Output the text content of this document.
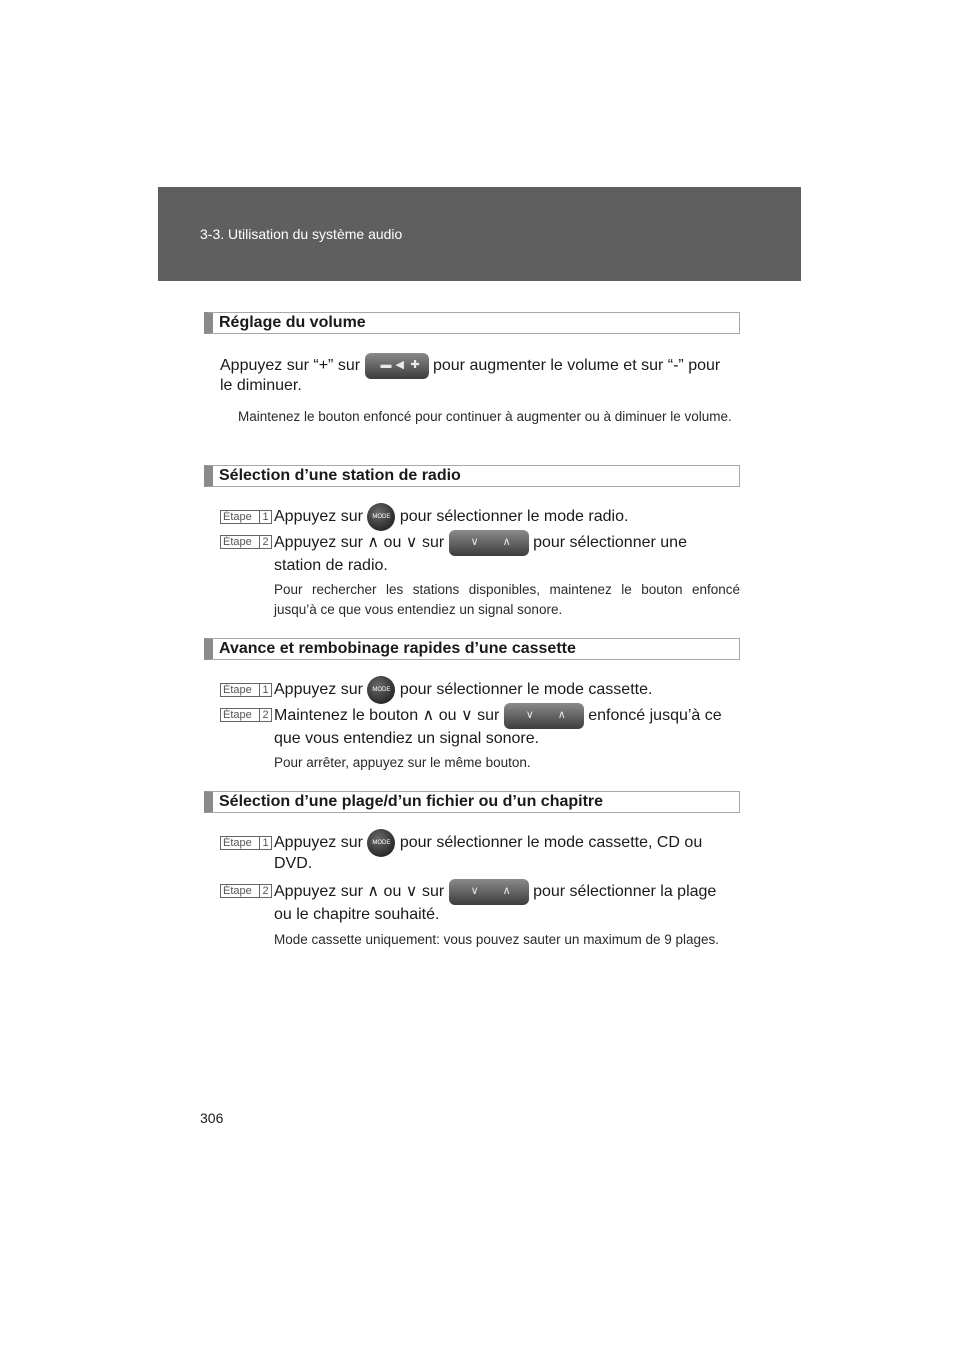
3-3. Utilisation du système audio
Réglage du volume
Appuyez sur “+” sur ▬ ◀ ✚ pour augmenter le volume et sur “-” pour
le diminuer.
Maintenez le bouton enfoncé pour continuer à augmenter ou à diminuer le volume.
Sélection d’une station de radio
Étape 1 Appuyez sur MODE pour sélectionner le mode radio.
Étape 2 Appuyez sur ∧ ou ∨ sur ∨ ∧ pour sélectionner une
station de radio.
Pour rechercher les stations disponibles, maintenez le bouton enfoncé jusqu’à ce que vous entendiez un signal sonore.
Avance et rembobinage rapides d’une cassette
Étape 1 Appuyez sur MODE pour sélectionner le mode cassette.
Étape 2 Maintenez le bouton ∧ ou ∨ sur ∨ ∧ enfoncé jusqu’à ce
que vous entendiez un signal sonore.
Pour arrêter, appuyez sur le même bouton.
Sélection d’une plage/d’un fichier ou d’un chapitre
Étape 1 Appuyez sur MODE pour sélectionner le mode cassette, CD ou
DVD.
Étape 2 Appuyez sur ∧ ou ∨ sur ∨ ∧ pour sélectionner la plage
ou le chapitre souhaité.
Mode cassette uniquement: vous pouvez sauter un maximum de 9 plages.
306
